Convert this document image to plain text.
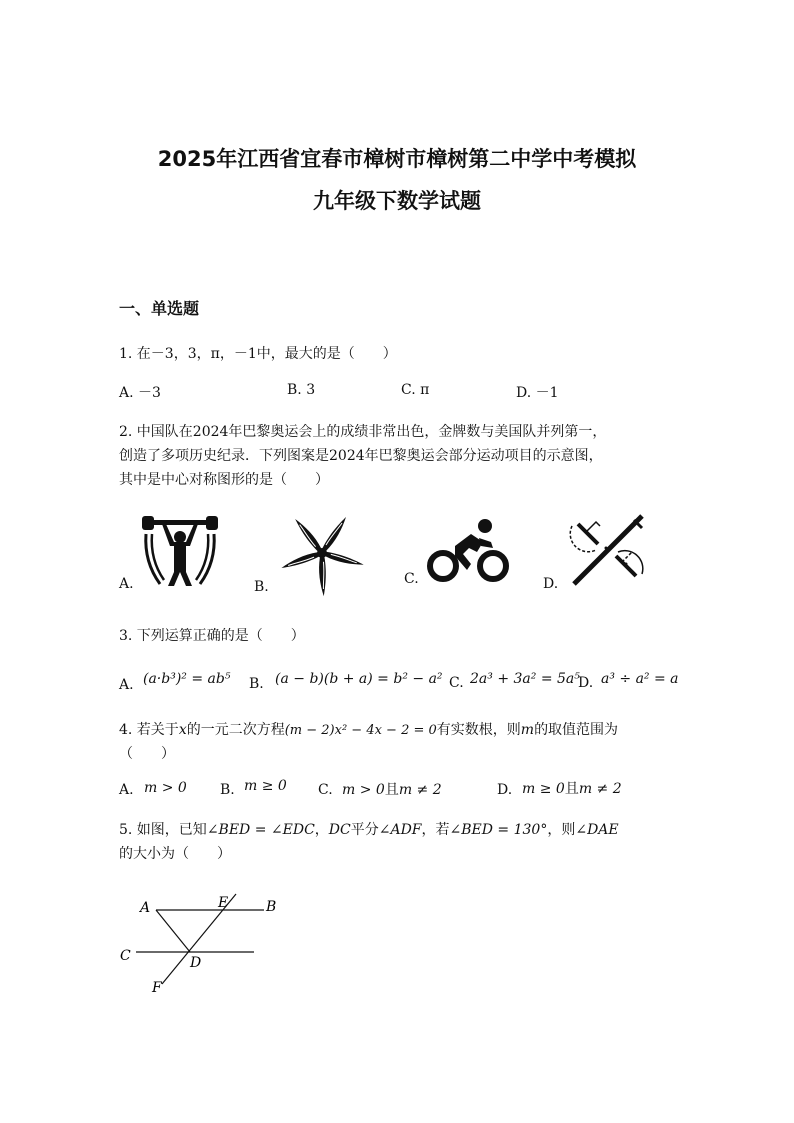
2025年江西省宜春市樟树市樟树第二中学中考模拟
九年级下数学试题
一、单选题
1. 在－3，3，π，－1中，最大的是（　　）
A. －3	B. 3	C. π	D. －1
2. 中国队在2024年巴黎奥运会上的成绩非常出色，金牌数与美国队并列第一，
创造了多项历史纪录．下列图案是2024年巴黎奥运会部分运动项目的示意图，
其中是中心对称图形的是（　　）
A.	B.	C.	D.
3. 下列运算正确的是（　　）
A. (a·b³)² = ab⁵ B. (a − b)(b + a) = b² − a² C. 2a³ + 3a² = 5a⁵
D. a³ ÷ a² = a
4. 若关于x的一元二次方程(m − 2)x² − 4x − 2 = 0有实数根，则m的取值范围为
（　　）
A. m > 0 B. m ≥ 0 C. m > 0且m ≠ 2	D. m ≥ 0且m ≠ 2
5. 如图，已知∠BED = ∠EDC，DC平分∠ADF，若∠BED = 130°，则∠DAE
的大小为（　　）
A	E	B
C	D
F
